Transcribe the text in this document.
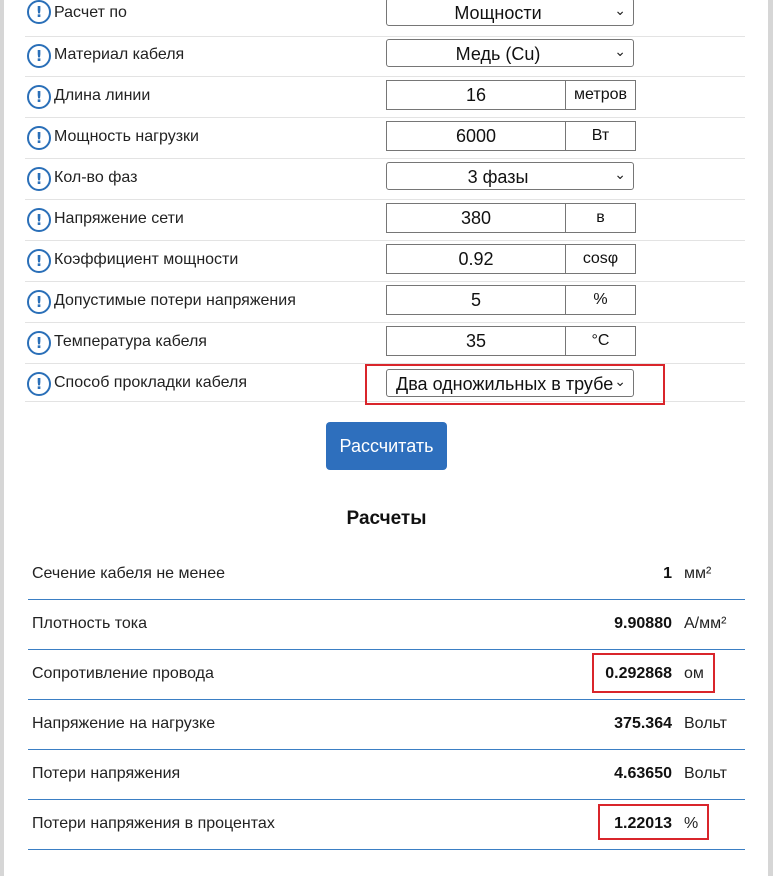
! Расчет по	Мощности	⌄
! Материал кабеля	Медь (Cu)	⌄
! Длина линии	16	метров
! Мощность нагрузки	6000	Вт
! Кол-во фаз	3 фазы	⌄
! Напряжение сети	380	в
! Коэффициент мощности	0.92	cosφ
! Допустимые потери напряжения	5	%
! Температура кабеля	35	°C
! Способ прокладки кабеля	Два одножильных в трубе ⌄
Рассчитать
Расчеты
Сечение кабеля не менее	1 мм²
Плотность тока	9.90880 А/мм²
Сопротивление провода	0.292868 ом
Напряжение на нагрузке	375.364 Вольт
Потери напряжения	4.63650 Вольт
Потери напряжения в процентах	1.22013 %
